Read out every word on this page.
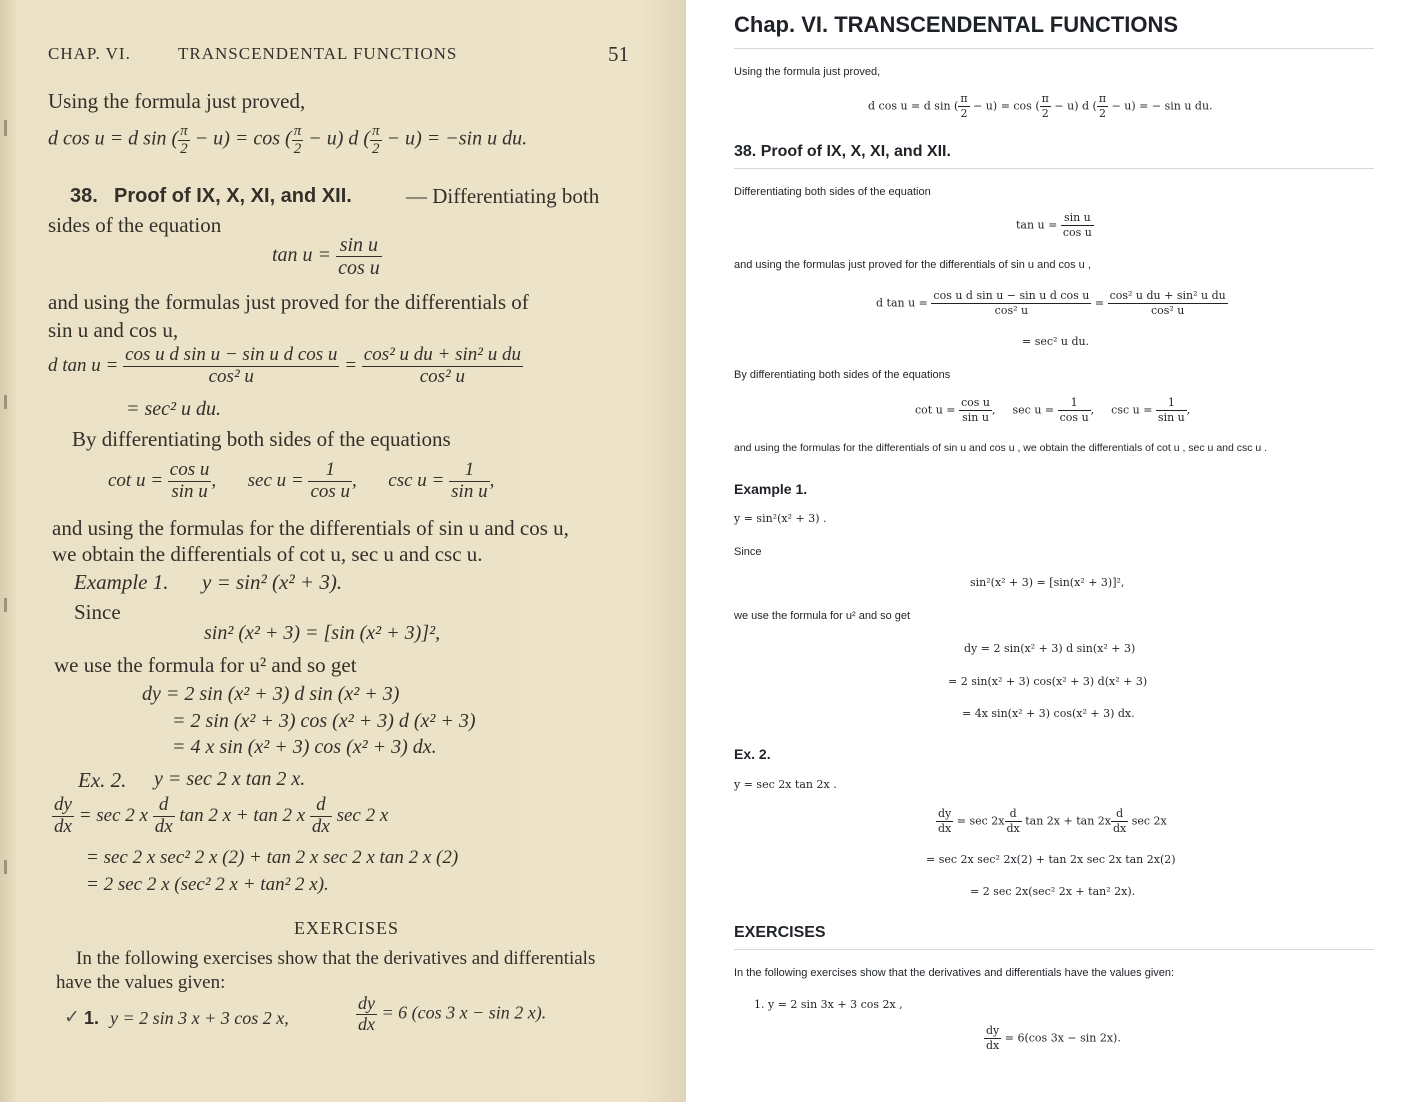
CHAP. VI.	TRANSCENDENTAL FUNCTIONS	51
Using the formula just proved,
d cos u = d sin ( $\frac{\pi}{2} - u) = \cos$ ( $\frac{\pi}{2} - u$) d ( $\frac{\pi}{2} - u) = -\sin$ u du.
38. Proof of IX, X, XI, and XII.	— Differentiating both
sides of the equation
$\tan u = \frac{\text{sin u}}{\text{cos u}}$
and using the formulas just proved for the differentials of
sin u and cos u,
d $\tan u = \frac{\text{cos u d sin u − sin u d cos u}}{\text{cos² u}} = \frac{\text{cos² u du + sin² u du}}{\text{cos² u}}$
= sec² u du.
By differentiating both sides of the equations
$\cot u = \frac{\text{cos u}}{\text{sin u}}$ ,  $\sec u = \frac{1}{\text{cos u}}$ ,  $\csc u = \frac{1}{\text{sin u}}$ ,
and using the formulas for the differentials of sin u and cos u,
we obtain the differentials of cot u, sec u and csc u.
Example 1. y = sin² (x² + 3).
Since
sin² (x² + 3) = [sin (x² + 3)]²,
we use the formula for u² and so get
dy = 2 sin (x² + 3) d sin (x² + 3)
= 2 sin (x² + 3) cos (x² + 3) d (x² + 3)
= 4 x sin (x² + 3) cos (x² + 3) dx.
Ex. 2. y = sec 2 x tan 2 x.
$\frac{dy}{dx} = \sec 2$ x $\frac{d}{dx}$ tan 2 x + tan 2 x $\frac{d}{dx}$ sec 2 x
= sec 2 x sec² 2 x (2) + tan 2 x sec 2 x tan 2 x (2)
= 2 sec 2 x (sec² 2 x + tan² 2 x).
EXERCISES
In the following exercises show that the derivatives and differentials
have the values given:
✓ 1. y = 2 sin 3 x + 3 cos 2 x,	$\frac{dy}{dx} = 6$ (cos 3 x − sin 2 x).
Chap. VI. TRANSCENDENTAL FUNCTIONS
Using the formula just proved,
d cos u = d sin ( $\frac{\pi}{2} - u) = \cos$ ( $\frac{\pi}{2} - u$) d ( $\frac{\pi}{2} - u$) = − sin u du.
38. Proof of IX, X, XI, and XII.
Differentiating both sides of the equation
$\tan u = \frac{\text{sin u}}{\text{cos u}}$
and using the formulas just proved for the differentials of sin u and cos u ,
d $\tan u = \frac{\text{cos u d sin u − sin u d cos u}}{\text{cos² u}} = \frac{\text{cos² u du + sin² u du}}{\text{cos² u}}$
= sec² u du.
By differentiating both sides of the equations
$\cot u = \frac{\text{cos u}}{\text{sin u}}$ ,  $\sec u = \frac{1}{\text{cos u}}$ ,  $\csc u = \frac{1}{\text{sin u}}$ ,
and using the formulas for the differentials of sin u and cos u , we obtain the differentials of cot u , sec u and csc u .
Example 1.
y = sin²(x² + 3) .
Since
sin²(x² + 3) = [sin(x² + 3)]²,
we use the formula for u² and so get
dy = 2 sin(x² + 3) d sin(x² + 3)
= 2 sin(x² + 3) cos(x² + 3) d(x² + 3)
= 4x sin(x² + 3) cos(x² + 3) dx.
Ex. 2.
y = sec 2x tan 2x .
$\frac{dy}{dx} = \sec 2x \frac{d}{dx}$ $\tan 2x + \tan 2x \frac{d}{dx}$ sec 2x
= sec 2x sec² 2x(2) + tan 2x sec 2x tan 2x(2)
= 2 sec 2x(sec² 2x + tan² 2x).
EXERCISES
In the following exercises show that the derivatives and differentials have the values given:
1. y = 2 sin 3x + 3 cos 2x ,
$\frac{dy}{dx} = 6(\cos$ 3x − sin 2x).
